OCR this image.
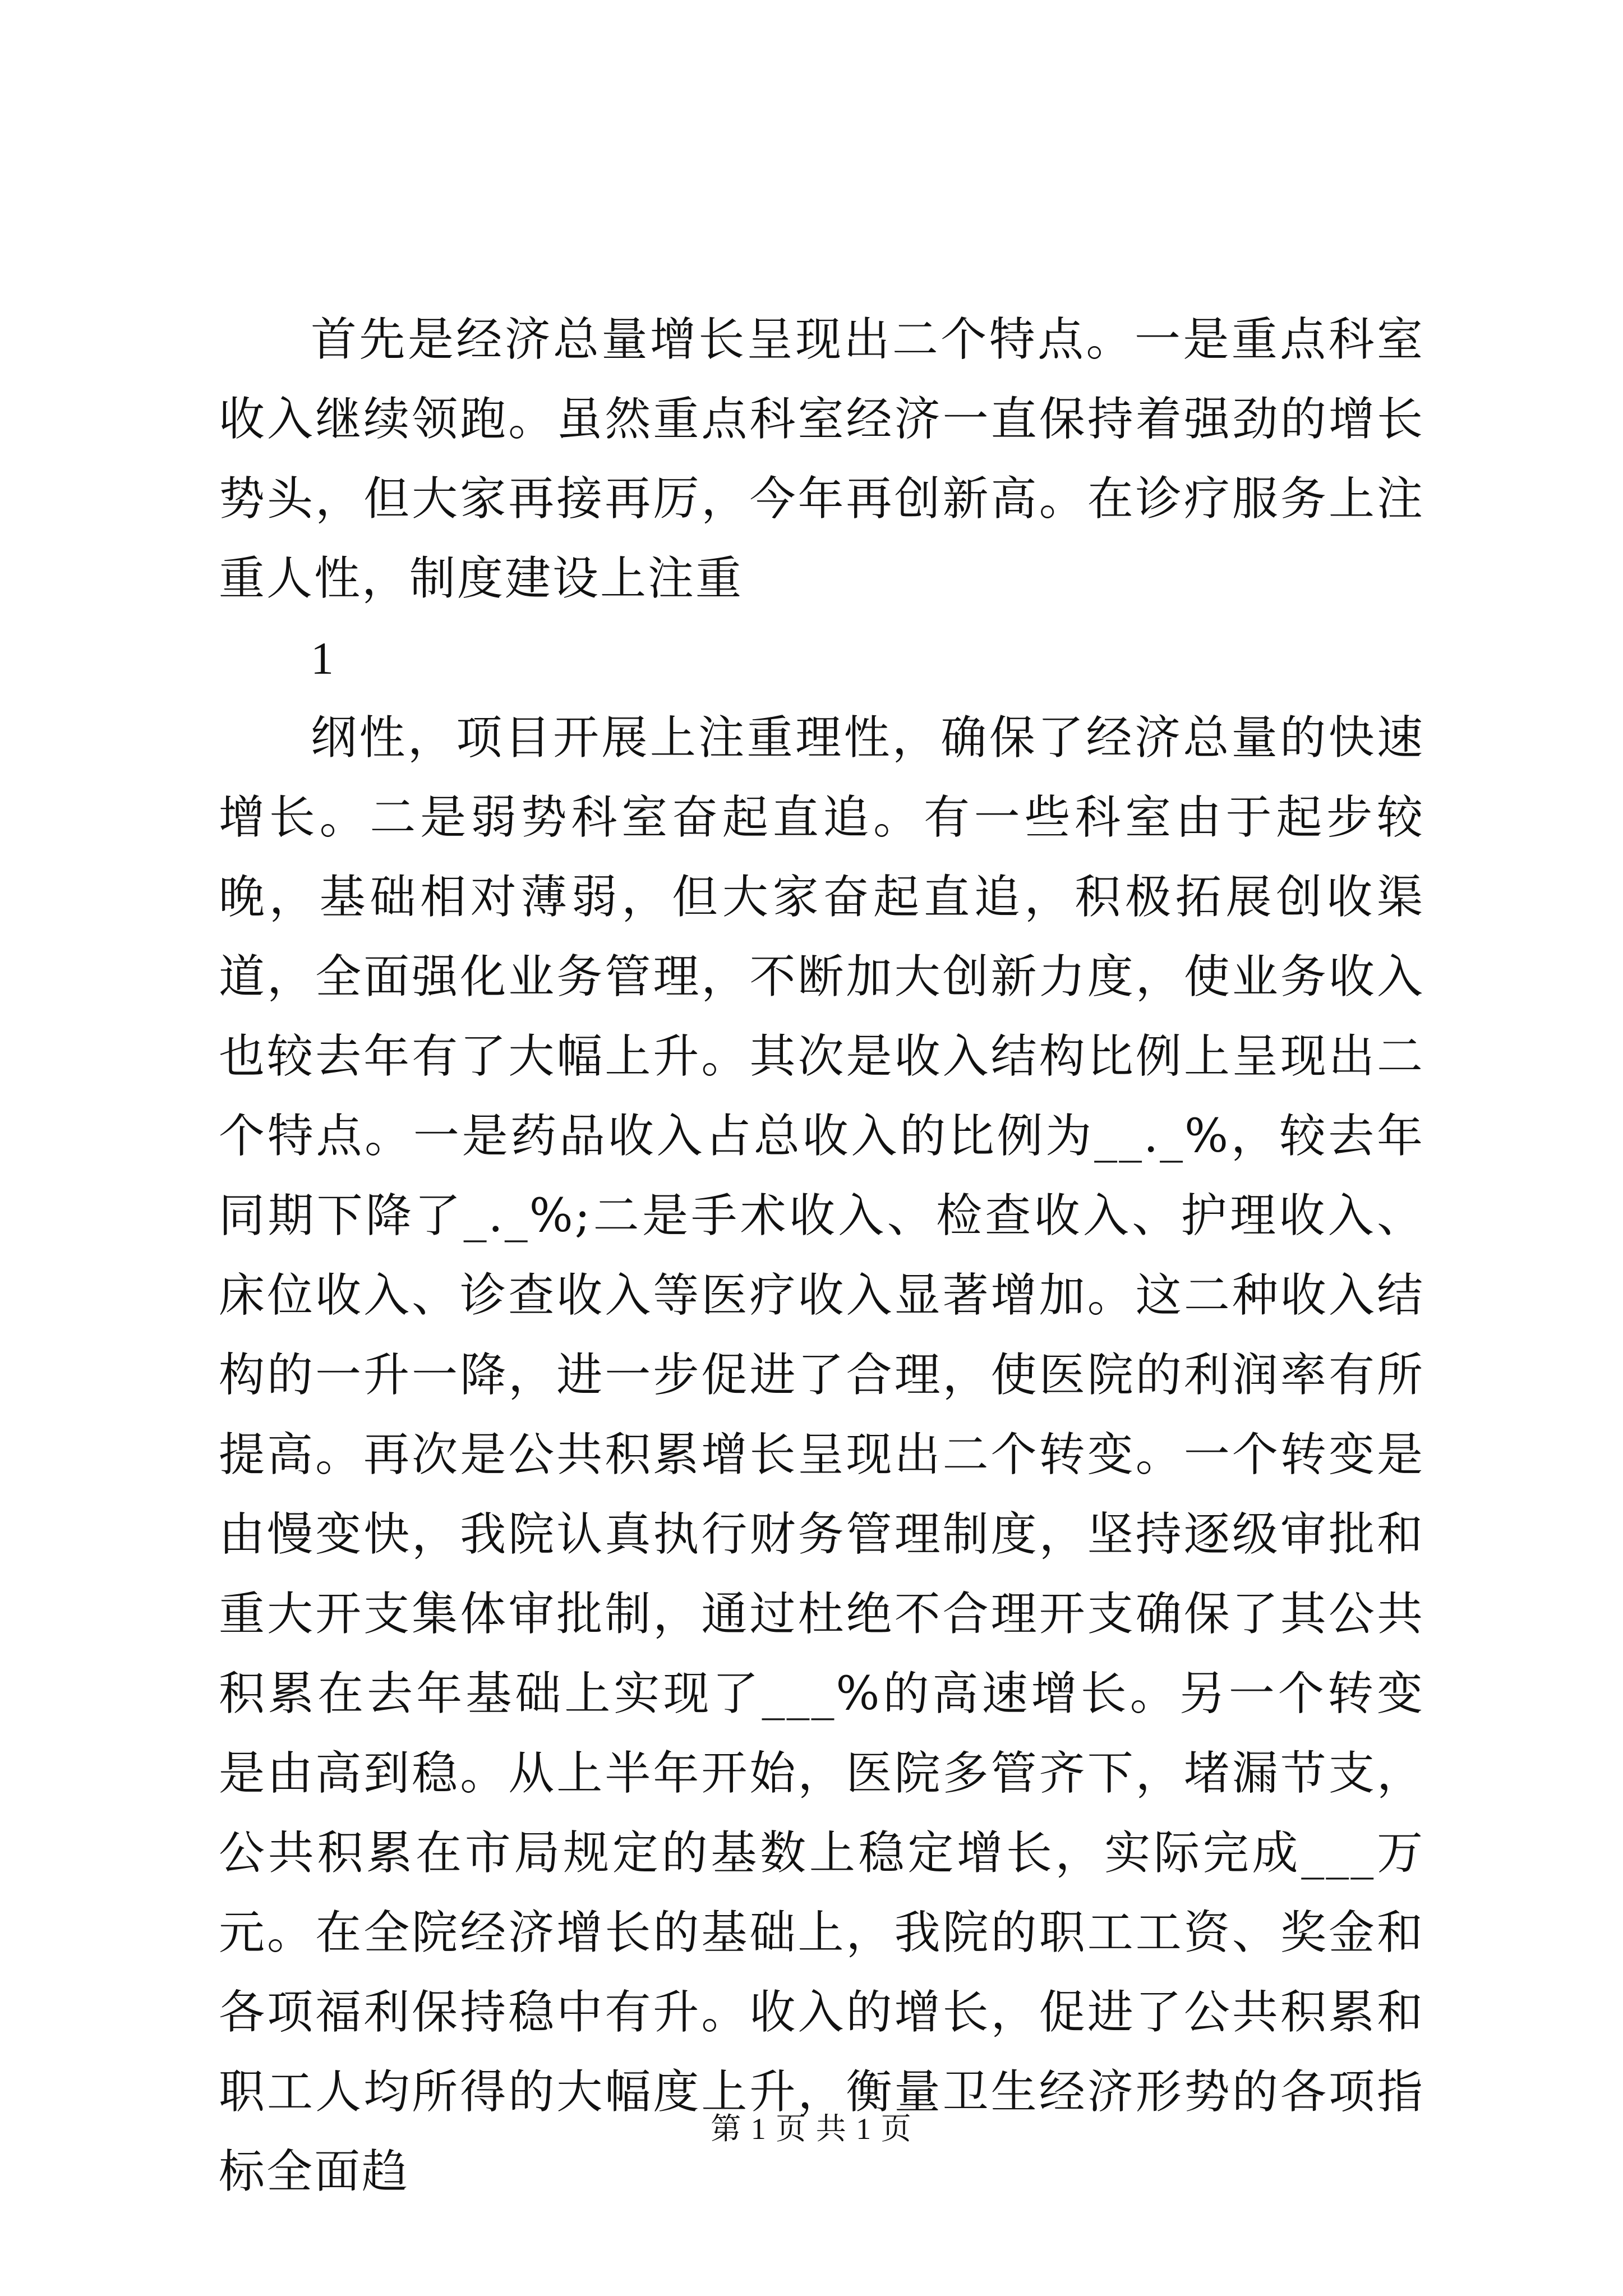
首先是经济总量增长呈现出二个特点。一是重点科室收入继续领跑。虽然重点科室经济一直保持着强劲的增长势头，但大家再接再厉，今年再创新高。在诊疗服务上注重人性，制度建设上注重

1

纲性，项目开展上注重理性，确保了经济总量的快速增长。二是弱势科室奋起直追。有一些科室由于起步较晚，基础相对薄弱，但大家奋起直追，积极拓展创收渠道，全面强化业务管理，不断加大创新力度，使业务收入也较去年有了大幅上升。其次是收入结构比例上呈现出二个特点。一是药品收入占总收入的比例为__._%，较去年同期下降了_._%;二是手术收入、检查收入、护理收入、床位收入、诊查收入等医疗收入显著增加。这二种收入结构的一升一降，进一步促进了合理，使医院的利润率有所提高。再次是公共积累增长呈现出二个转变。一个转变是由慢变快，我院认真执行财务管理制度，坚持逐级审批和重大开支集体审批制，通过杜绝不合理开支确保了其公共积累在去年基础上实现了___%的高速增长。另一个转变是由高到稳。从上半年开始，医院多管齐下，堵漏节支，公共积累在市局规定的基数上稳定增长，实际完成___万元。在全院经济增长的基础上，我院的职工工资、奖金和各项福利保持稳中有升。收入的增长，促进了公共积累和职工人均所得的大幅度上升，衡量卫生经济形势的各项指标全面趋

第 1 页 共 1 页
